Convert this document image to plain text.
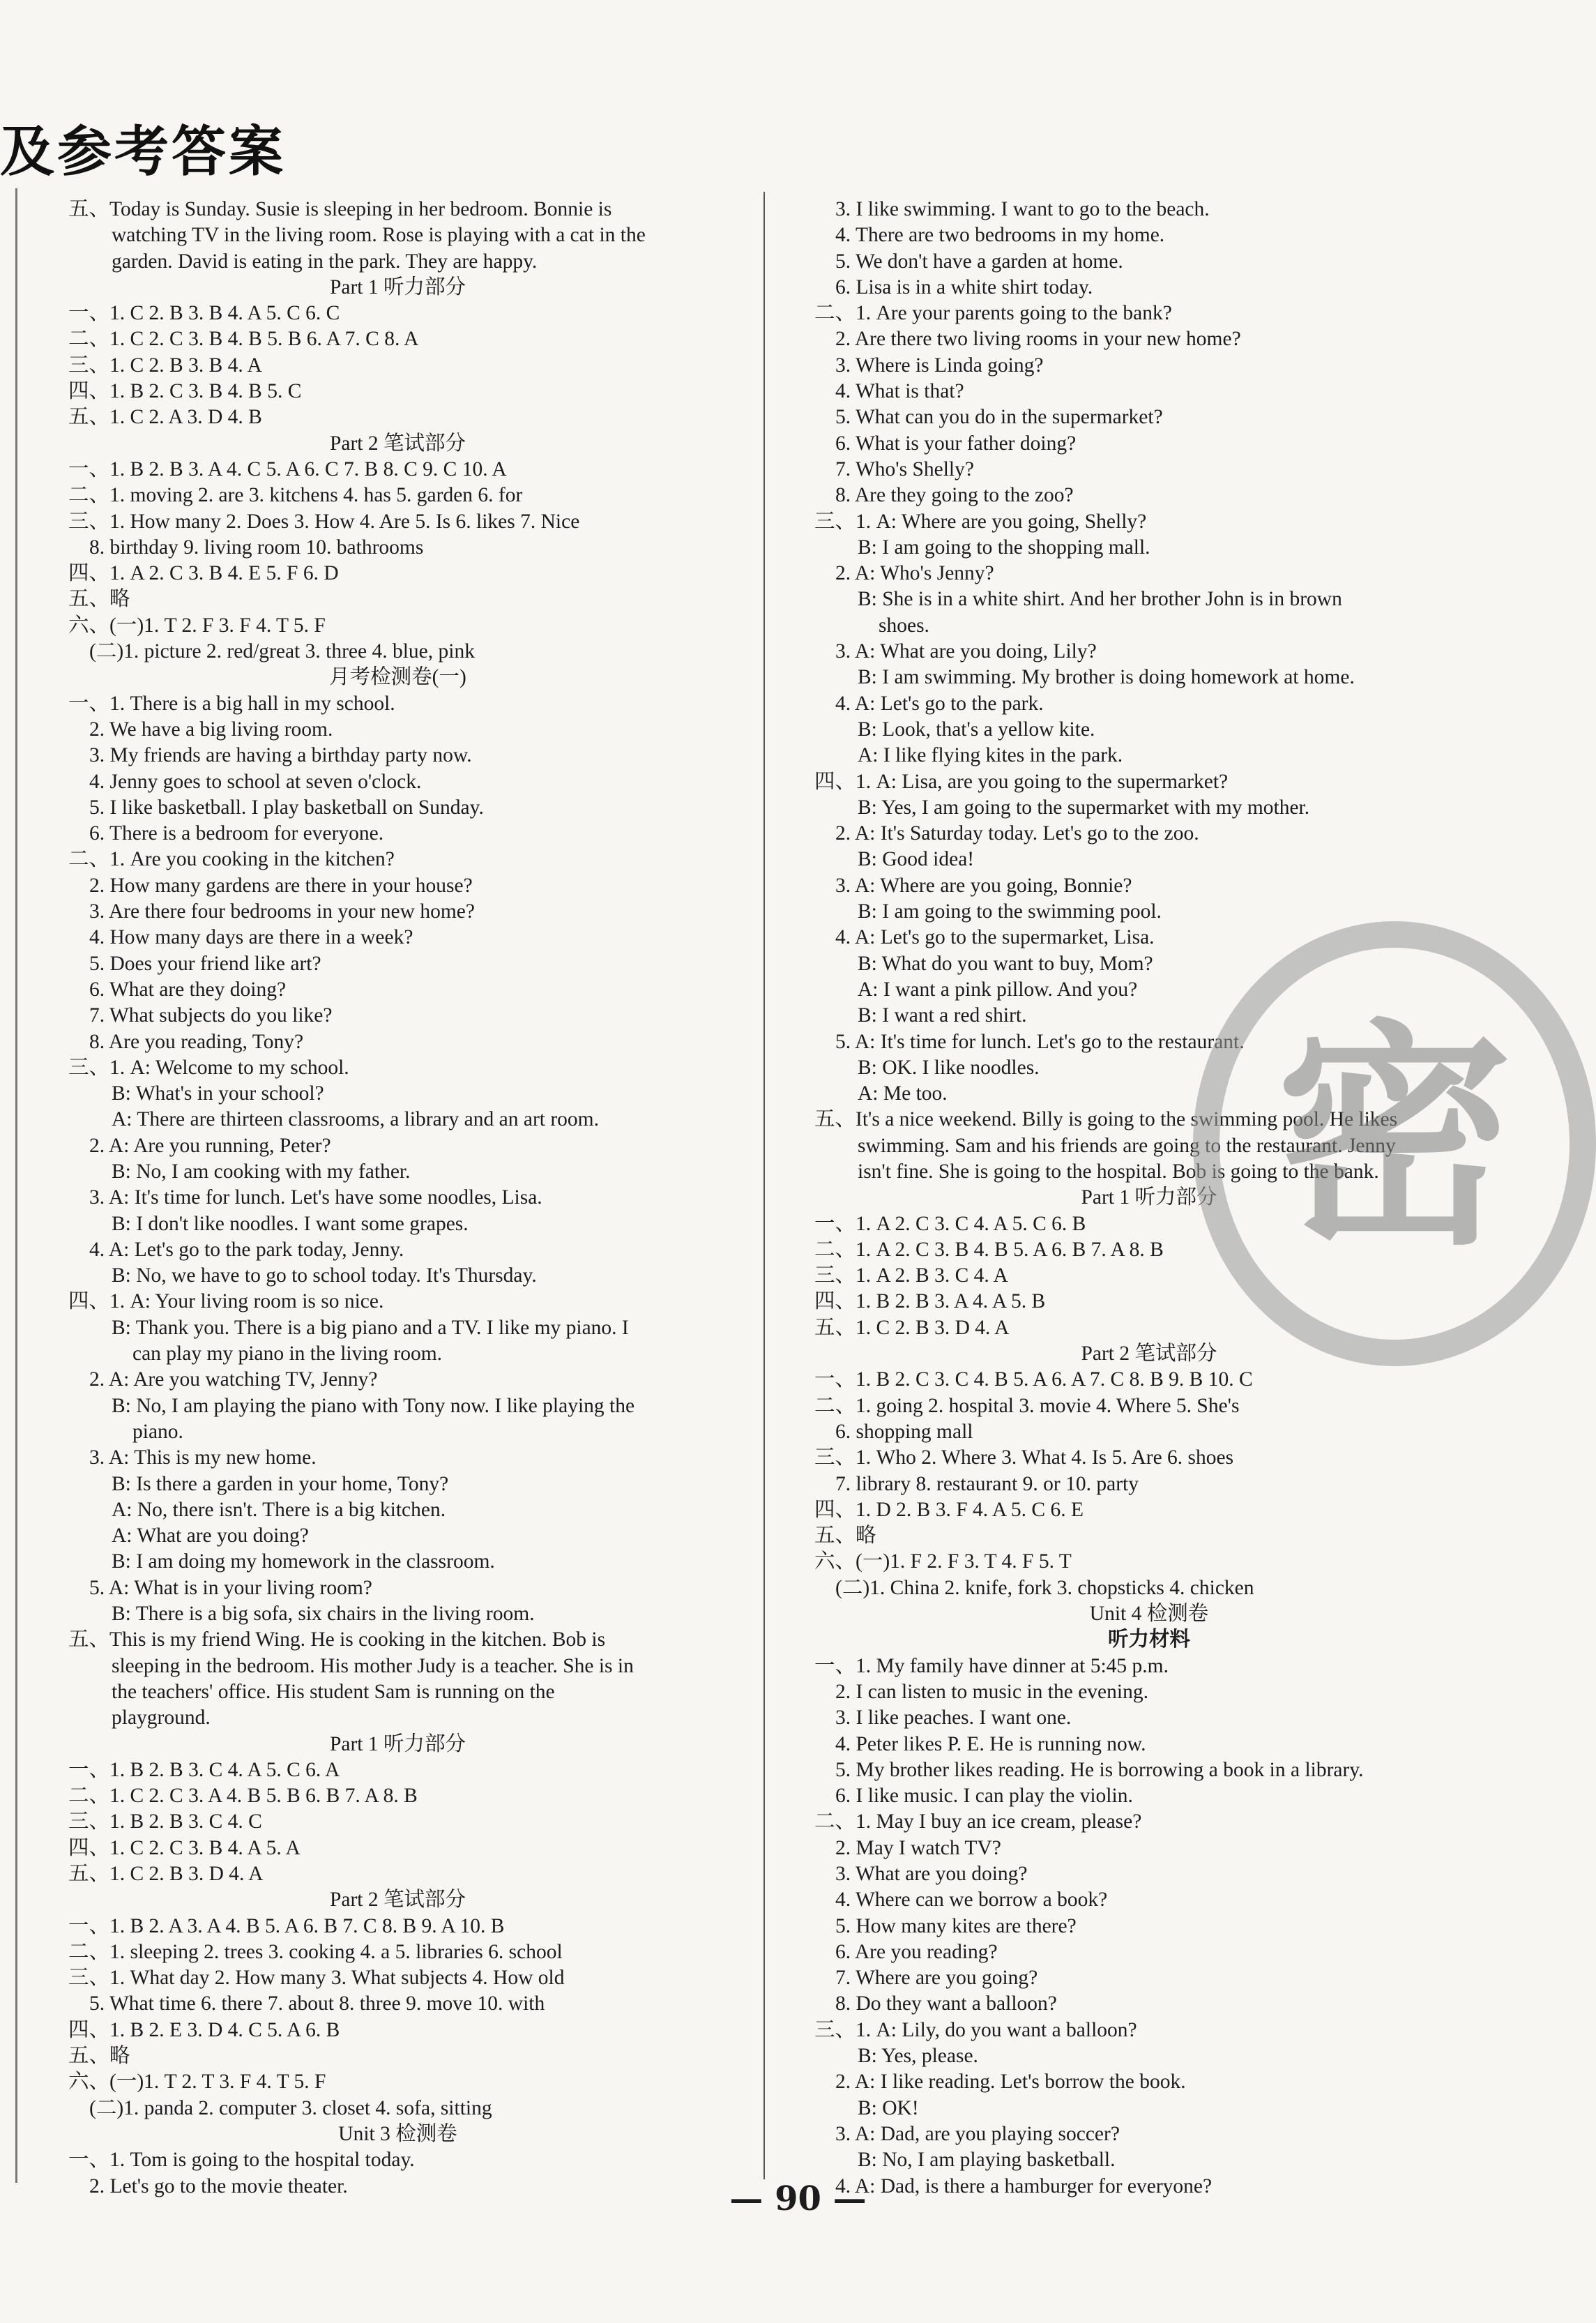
及参考答案
五、Today is Sunday. Susie is sleeping in her bedroom. Bonnie is
watching TV in the living room. Rose is playing with a cat in the
garden. David is eating in the park. They are happy.
Part 1 听力部分
一、1. C 2. B 3. B 4. A 5. C 6. C
二、1. C 2. C 3. B 4. B 5. B 6. A 7. C 8. A
三、1. C 2. B 3. B 4. A
四、1. B 2. C 3. B 4. B 5. C
五、1. C 2. A 3. D 4. B
Part 2 笔试部分
一、1. B 2. B 3. A 4. C 5. A 6. C 7. B 8. C 9. C 10. A
二、1. moving 2. are 3. kitchens 4. has 5. garden 6. for
三、1. How many 2. Does 3. How 4. Are 5. Is 6. likes 7. Nice
8. birthday 9. living room 10. bathrooms
四、1. A 2. C 3. B 4. E 5. F 6. D
五、略
六、(一)1. T 2. F 3. F 4. T 5. F
(二)1. picture 2. red/great 3. three 4. blue, pink
月考检测卷(一)
一、1. There is a big hall in my school.
2. We have a big living room.
3. My friends are having a birthday party now.
4. Jenny goes to school at seven o'clock.
5. I like basketball. I play basketball on Sunday.
6. There is a bedroom for everyone.
二、1. Are you cooking in the kitchen?
2. How many gardens are there in your house?
3. Are there four bedrooms in your new home?
4. How many days are there in a week?
5. Does your friend like art?
6. What are they doing?
7. What subjects do you like?
8. Are you reading, Tony?
三、1. A: Welcome to my school.
B: What's in your school?
A: There are thirteen classrooms, a library and an art room.
2. A: Are you running, Peter?
B: No, I am cooking with my father.
3. A: It's time for lunch. Let's have some noodles, Lisa.
B: I don't like noodles. I want some grapes.
4. A: Let's go to the park today, Jenny.
B: No, we have to go to school today. It's Thursday.
四、1. A: Your living room is so nice.
B: Thank you. There is a big piano and a TV. I like my piano. I
can play my piano in the living room.
2. A: Are you watching TV, Jenny?
B: No, I am playing the piano with Tony now. I like playing the
piano.
3. A: This is my new home.
B: Is there a garden in your home, Tony?
A: No, there isn't. There is a big kitchen.
A: What are you doing?
B: I am doing my homework in the classroom.
5. A: What is in your living room?
B: There is a big sofa, six chairs in the living room.
五、This is my friend Wing. He is cooking in the kitchen. Bob is
sleeping in the bedroom. His mother Judy is a teacher. She is in
the teachers' office. His student Sam is running on the
playground.
Part 1 听力部分
一、1. B 2. B 3. C 4. A 5. C 6. A
二、1. C 2. C 3. A 4. B 5. B 6. B 7. A 8. B
三、1. B 2. B 3. C 4. C
四、1. C 2. C 3. B 4. A 5. A
五、1. C 2. B 3. D 4. A
Part 2 笔试部分
一、1. B 2. A 3. A 4. B 5. A 6. B 7. C 8. B 9. A 10. B
二、1. sleeping 2. trees 3. cooking 4. a 5. libraries 6. school
三、1. What day 2. How many 3. What subjects 4. How old
5. What time 6. there 7. about 8. three 9. move 10. with
四、1. B 2. E 3. D 4. C 5. A 6. B
五、略
六、(一)1. T 2. T 3. F 4. T 5. F
(二)1. panda 2. computer 3. closet 4. sofa, sitting
Unit 3 检测卷
一、1. Tom is going to the hospital today.
2. Let's go to the movie theater.
3. I like swimming. I want to go to the beach.
4. There are two bedrooms in my home.
5. We don't have a garden at home.
6. Lisa is in a white shirt today.
二、1. Are your parents going to the bank?
2. Are there two living rooms in your new home?
3. Where is Linda going?
4. What is that?
5. What can you do in the supermarket?
6. What is your father doing?
7. Who's Shelly?
8. Are they going to the zoo?
三、1. A: Where are you going, Shelly?
B: I am going to the shopping mall.
2. A: Who's Jenny?
B: She is in a white shirt. And her brother John is in brown
shoes.
3. A: What are you doing, Lily?
B: I am swimming. My brother is doing homework at home.
4. A: Let's go to the park.
B: Look, that's a yellow kite.
A: I like flying kites in the park.
四、1. A: Lisa, are you going to the supermarket?
B: Yes, I am going to the supermarket with my mother.
2. A: It's Saturday today. Let's go to the zoo.
B: Good idea!
3. A: Where are you going, Bonnie?
B: I am going to the swimming pool.
4. A: Let's go to the supermarket, Lisa.
B: What do you want to buy, Mom?
A: I want a pink pillow. And you?
B: I want a red shirt.
5. A: It's time for lunch. Let's go to the restaurant.
B: OK. I like noodles.
A: Me too.
五、It's a nice weekend. Billy is going to the swimming pool. He likes
swimming. Sam and his friends are going to the restaurant. Jenny
isn't fine. She is going to the hospital. Bob is going to the bank.
Part 1 听力部分
一、1. A 2. C 3. C 4. A 5. C 6. B
二、1. A 2. C 3. B 4. B 5. A 6. B 7. A 8. B
三、1. A 2. B 3. C 4. A
四、1. B 2. B 3. A 4. A 5. B
五、1. C 2. B 3. D 4. A
Part 2 笔试部分
一、1. B 2. C 3. C 4. B 5. A 6. A 7. C 8. B 9. B 10. C
二、1. going 2. hospital 3. movie 4. Where 5. She's
6. shopping mall
三、1. Who 2. Where 3. What 4. Is 5. Are 6. shoes
7. library 8. restaurant 9. or 10. party
四、1. D 2. B 3. F 4. A 5. C 6. E
五、略
六、(一)1. F 2. F 3. T 4. F 5. T
(二)1. China 2. knife, fork 3. chopsticks 4. chicken
Unit 4 检测卷
听力材料
一、1. My family have dinner at 5:45 p.m.
2. I can listen to music in the evening.
3. I like peaches. I want one.
4. Peter likes P. E. He is running now.
5. My brother likes reading. He is borrowing a book in a library.
6. I like music. I can play the violin.
二、1. May I buy an ice cream, please?
2. May I watch TV?
3. What are you doing?
4. Where can we borrow a book?
5. How many kites are there?
6. Are you reading?
7. Where are you going?
8. Do they want a balloon?
三、1. A: Lily, do you want a balloon?
B: Yes, please.
2. A: I like reading. Let's borrow the book.
B: OK!
3. A: Dad, are you playing soccer?
B: No, I am playing basketball.
4. A: Dad, is there a hamburger for everyone?
密
— 90 —
